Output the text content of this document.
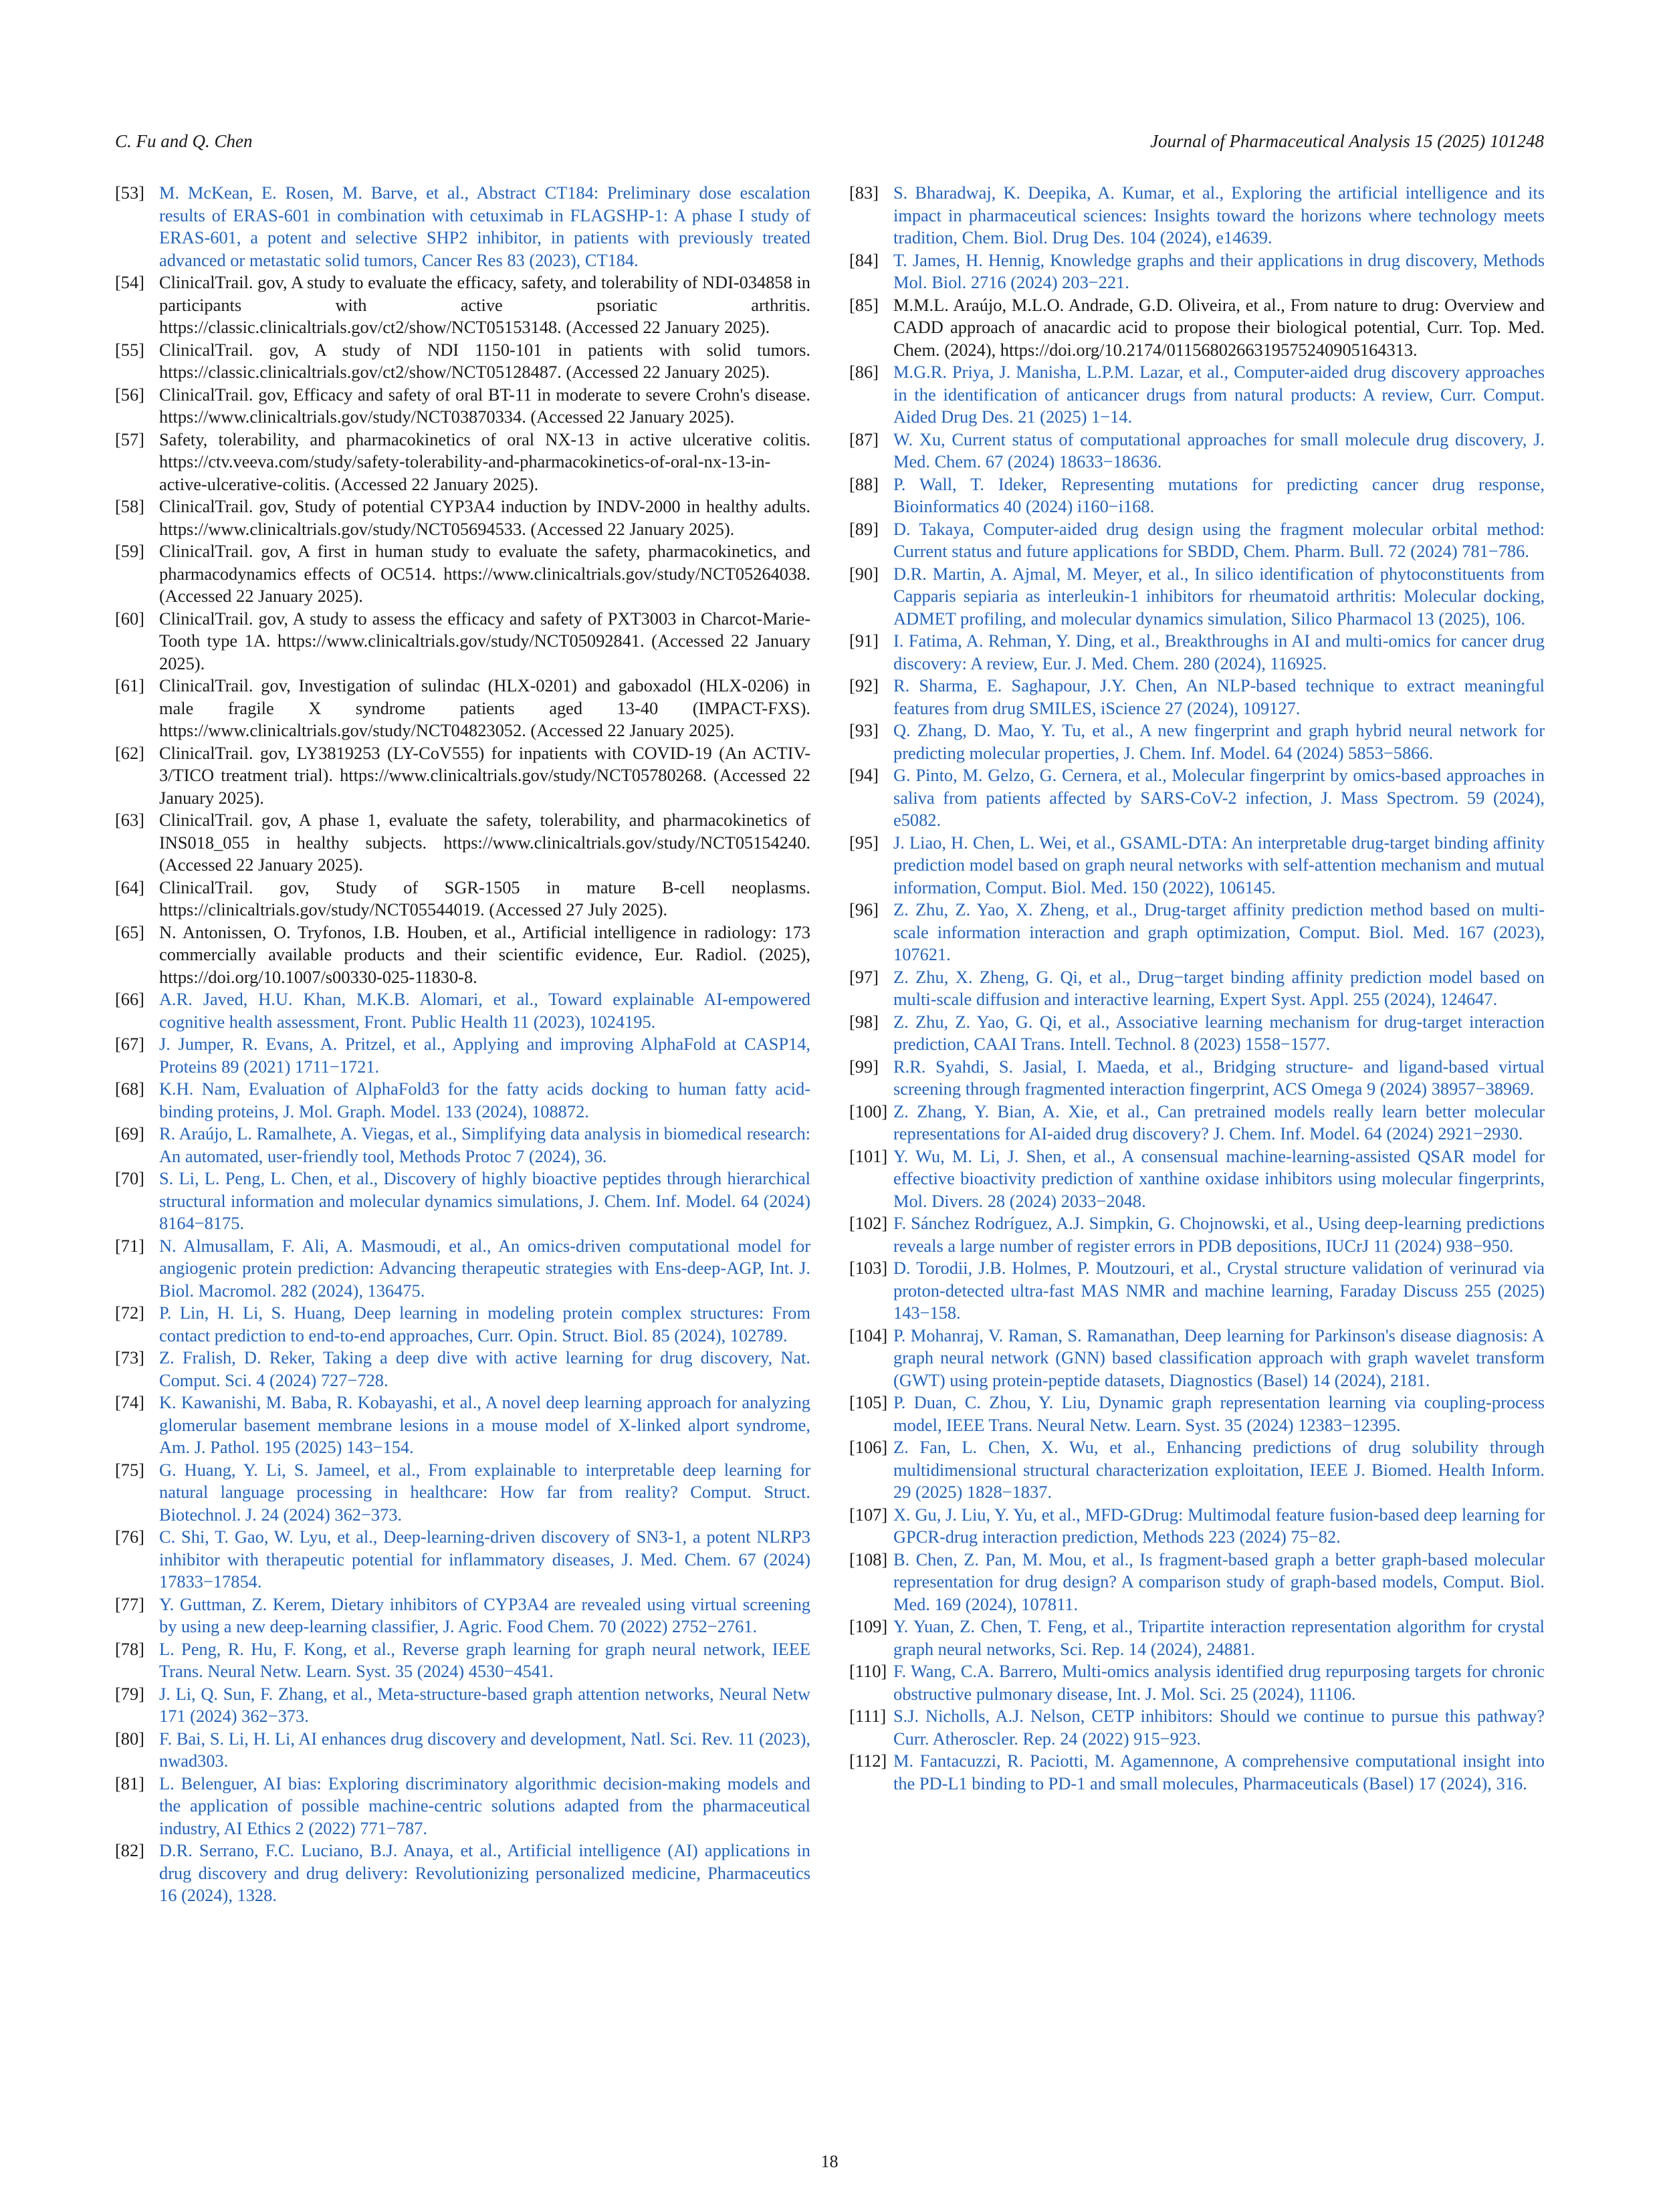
C. Fu and Q. Chen	Journal of Pharmaceutical Analysis 15 (2025) 101248
[53] M. McKean, E. Rosen, M. Barve, et al., Abstract CT184: Preliminary dose escalation results of ERAS-601 in combination with cetuximab in FLAGSHP-1: A phase I study of ERAS-601, a potent and selective SHP2 inhibitor, in patients with previously treated advanced or metastatic solid tumors, Cancer Res 83 (2023), CT184.
[54] ClinicalTrail. gov, A study to evaluate the efficacy, safety, and tolerability of NDI-034858 in participants with active psoriatic arthritis. https://classic.clinicaltrials.gov/ct2/show/NCT05153148. (Accessed 22 January 2025).
[55] ClinicalTrail. gov, A study of NDI 1150-101 in patients with solid tumors. https://classic.clinicaltrials.gov/ct2/show/NCT05128487. (Accessed 22 January 2025).
[56] ClinicalTrail. gov, Efficacy and safety of oral BT-11 in moderate to severe Crohn's disease. https://www.clinicaltrials.gov/study/NCT03870334. (Accessed 22 January 2025).
[57] Safety, tolerability, and pharmacokinetics of oral NX-13 in active ulcerative colitis. https://ctv.veeva.com/study/safety-tolerability-and-pharmacokinetics-of-oral-nx-13-in-active-ulcerative-colitis. (Accessed 22 January 2025).
[58] ClinicalTrail. gov, Study of potential CYP3A4 induction by INDV-2000 in healthy adults. https://www.clinicaltrials.gov/study/NCT05694533. (Accessed 22 January 2025).
[59] ClinicalTrail. gov, A first in human study to evaluate the safety, pharmacokinetics, and pharmacodynamics effects of OC514. https://www.clinicaltrials.gov/study/NCT05264038. (Accessed 22 January 2025).
[60] ClinicalTrail. gov, A study to assess the efficacy and safety of PXT3003 in Charcot-Marie-Tooth type 1A. https://www.clinicaltrials.gov/study/NCT05092841. (Accessed 22 January 2025).
[61] ClinicalTrail. gov, Investigation of sulindac (HLX-0201) and gaboxadol (HLX-0206) in male fragile X syndrome patients aged 13-40 (IMPACT-FXS). https://www.clinicaltrials.gov/study/NCT04823052. (Accessed 22 January 2025).
[62] ClinicalTrail. gov, LY3819253 (LY-CoV555) for inpatients with COVID-19 (An ACTIV-3/TICO treatment trial). https://www.clinicaltrials.gov/study/NCT05780268. (Accessed 22 January 2025).
[63] ClinicalTrail. gov, A phase 1, evaluate the safety, tolerability, and pharmacokinetics of INS018_055 in healthy subjects. https://www.clinicaltrials.gov/study/NCT05154240. (Accessed 22 January 2025).
[64] ClinicalTrail. gov, Study of SGR-1505 in mature B-cell neoplasms. https://clinicaltrials.gov/study/NCT05544019. (Accessed 27 July 2025).
[65] N. Antonissen, O. Tryfonos, I.B. Houben, et al., Artificial intelligence in radiology: 173 commercially available products and their scientific evidence, Eur. Radiol. (2025), https://doi.org/10.1007/s00330-025-11830-8.
[66] A.R. Javed, H.U. Khan, M.K.B. Alomari, et al., Toward explainable AI-empowered cognitive health assessment, Front. Public Health 11 (2023), 1024195.
[67] J. Jumper, R. Evans, A. Pritzel, et al., Applying and improving AlphaFold at CASP14, Proteins 89 (2021) 1711−1721.
[68] K.H. Nam, Evaluation of AlphaFold3 for the fatty acids docking to human fatty acid-binding proteins, J. Mol. Graph. Model. 133 (2024), 108872.
[69] R. Araújo, L. Ramalhete, A. Viegas, et al., Simplifying data analysis in biomedical research: An automated, user-friendly tool, Methods Protoc 7 (2024), 36.
[70] S. Li, L. Peng, L. Chen, et al., Discovery of highly bioactive peptides through hierarchical structural information and molecular dynamics simulations, J. Chem. Inf. Model. 64 (2024) 8164−8175.
[71] N. Almusallam, F. Ali, A. Masmoudi, et al., An omics-driven computational model for angiogenic protein prediction: Advancing therapeutic strategies with Ens-deep-AGP, Int. J. Biol. Macromol. 282 (2024), 136475.
[72] P. Lin, H. Li, S. Huang, Deep learning in modeling protein complex structures: From contact prediction to end-to-end approaches, Curr. Opin. Struct. Biol. 85 (2024), 102789.
[73] Z. Fralish, D. Reker, Taking a deep dive with active learning for drug discovery, Nat. Comput. Sci. 4 (2024) 727−728.
[74] K. Kawanishi, M. Baba, R. Kobayashi, et al., A novel deep learning approach for analyzing glomerular basement membrane lesions in a mouse model of X-linked alport syndrome, Am. J. Pathol. 195 (2025) 143−154.
[75] G. Huang, Y. Li, S. Jameel, et al., From explainable to interpretable deep learning for natural language processing in healthcare: How far from reality? Comput. Struct. Biotechnol. J. 24 (2024) 362−373.
[76] C. Shi, T. Gao, W. Lyu, et al., Deep-learning-driven discovery of SN3-1, a potent NLRP3 inhibitor with therapeutic potential for inflammatory diseases, J. Med. Chem. 67 (2024) 17833−17854.
[77] Y. Guttman, Z. Kerem, Dietary inhibitors of CYP3A4 are revealed using virtual screening by using a new deep-learning classifier, J. Agric. Food Chem. 70 (2022) 2752−2761.
[78] L. Peng, R. Hu, F. Kong, et al., Reverse graph learning for graph neural network, IEEE Trans. Neural Netw. Learn. Syst. 35 (2024) 4530−4541.
[79] J. Li, Q. Sun, F. Zhang, et al., Meta-structure-based graph attention networks, Neural Netw 171 (2024) 362−373.
[80] F. Bai, S. Li, H. Li, AI enhances drug discovery and development, Natl. Sci. Rev. 11 (2023), nwad303.
[81] L. Belenguer, AI bias: Exploring discriminatory algorithmic decision-making models and the application of possible machine-centric solutions adapted from the pharmaceutical industry, AI Ethics 2 (2022) 771−787.
[82] D.R. Serrano, F.C. Luciano, B.J. Anaya, et al., Artificial intelligence (AI) applications in drug discovery and drug delivery: Revolutionizing personalized medicine, Pharmaceutics 16 (2024), 1328.
[83] S. Bharadwaj, K. Deepika, A. Kumar, et al., Exploring the artificial intelligence and its impact in pharmaceutical sciences: Insights toward the horizons where technology meets tradition, Chem. Biol. Drug Des. 104 (2024), e14639.
[84] T. James, H. Hennig, Knowledge graphs and their applications in drug discovery, Methods Mol. Biol. 2716 (2024) 203−221.
[85] M.M.L. Araújo, M.L.O. Andrade, G.D. Oliveira, et al., From nature to drug: Overview and CADD approach of anacardic acid to propose their biological potential, Curr. Top. Med. Chem. (2024), https://doi.org/10.2174/0115680266319575240905164313.
[86] M.G.R. Priya, J. Manisha, L.P.M. Lazar, et al., Computer-aided drug discovery approaches in the identification of anticancer drugs from natural products: A review, Curr. Comput. Aided Drug Des. 21 (2025) 1−14.
[87] W. Xu, Current status of computational approaches for small molecule drug discovery, J. Med. Chem. 67 (2024) 18633−18636.
[88] P. Wall, T. Ideker, Representing mutations for predicting cancer drug response, Bioinformatics 40 (2024) i160−i168.
[89] D. Takaya, Computer-aided drug design using the fragment molecular orbital method: Current status and future applications for SBDD, Chem. Pharm. Bull. 72 (2024) 781−786.
[90] D.R. Martin, A. Ajmal, M. Meyer, et al., In silico identification of phytoconstituents from Capparis sepiaria as interleukin-1 inhibitors for rheumatoid arthritis: Molecular docking, ADMET profiling, and molecular dynamics simulation, Silico Pharmacol 13 (2025), 106.
[91] I. Fatima, A. Rehman, Y. Ding, et al., Breakthroughs in AI and multi-omics for cancer drug discovery: A review, Eur. J. Med. Chem. 280 (2024), 116925.
[92] R. Sharma, E. Saghapour, J.Y. Chen, An NLP-based technique to extract meaningful features from drug SMILES, iScience 27 (2024), 109127.
[93] Q. Zhang, D. Mao, Y. Tu, et al., A new fingerprint and graph hybrid neural network for predicting molecular properties, J. Chem. Inf. Model. 64 (2024) 5853−5866.
[94] G. Pinto, M. Gelzo, G. Cernera, et al., Molecular fingerprint by omics-based approaches in saliva from patients affected by SARS-CoV-2 infection, J. Mass Spectrom. 59 (2024), e5082.
[95] J. Liao, H. Chen, L. Wei, et al., GSAML-DTA: An interpretable drug-target binding affinity prediction model based on graph neural networks with self-attention mechanism and mutual information, Comput. Biol. Med. 150 (2022), 106145.
[96] Z. Zhu, Z. Yao, X. Zheng, et al., Drug-target affinity prediction method based on multi-scale information interaction and graph optimization, Comput. Biol. Med. 167 (2023), 107621.
[97] Z. Zhu, X. Zheng, G. Qi, et al., Drug−target binding affinity prediction model based on multi-scale diffusion and interactive learning, Expert Syst. Appl. 255 (2024), 124647.
[98] Z. Zhu, Z. Yao, G. Qi, et al., Associative learning mechanism for drug-target interaction prediction, CAAI Trans. Intell. Technol. 8 (2023) 1558−1577.
[99] R.R. Syahdi, S. Jasial, I. Maeda, et al., Bridging structure- and ligand-based virtual screening through fragmented interaction fingerprint, ACS Omega 9 (2024) 38957−38969.
[100] Z. Zhang, Y. Bian, A. Xie, et al., Can pretrained models really learn better molecular representations for AI-aided drug discovery? J. Chem. Inf. Model. 64 (2024) 2921−2930.
[101] Y. Wu, M. Li, J. Shen, et al., A consensual machine-learning-assisted QSAR model for effective bioactivity prediction of xanthine oxidase inhibitors using molecular fingerprints, Mol. Divers. 28 (2024) 2033−2048.
[102] F. Sánchez Rodríguez, A.J. Simpkin, G. Chojnowski, et al., Using deep-learning predictions reveals a large number of register errors in PDB depositions, IUCrJ 11 (2024) 938−950.
[103] D. Torodii, J.B. Holmes, P. Moutzouri, et al., Crystal structure validation of verinurad via proton-detected ultra-fast MAS NMR and machine learning, Faraday Discuss 255 (2025) 143−158.
[104] P. Mohanraj, V. Raman, S. Ramanathan, Deep learning for Parkinson's disease diagnosis: A graph neural network (GNN) based classification approach with graph wavelet transform (GWT) using protein-peptide datasets, Diagnostics (Basel) 14 (2024), 2181.
[105] P. Duan, C. Zhou, Y. Liu, Dynamic graph representation learning via coupling-process model, IEEE Trans. Neural Netw. Learn. Syst. 35 (2024) 12383−12395.
[106] Z. Fan, L. Chen, X. Wu, et al., Enhancing predictions of drug solubility through multidimensional structural characterization exploitation, IEEE J. Biomed. Health Inform. 29 (2025) 1828−1837.
[107] X. Gu, J. Liu, Y. Yu, et al., MFD-GDrug: Multimodal feature fusion-based deep learning for GPCR-drug interaction prediction, Methods 223 (2024) 75−82.
[108] B. Chen, Z. Pan, M. Mou, et al., Is fragment-based graph a better graph-based molecular representation for drug design? A comparison study of graph-based models, Comput. Biol. Med. 169 (2024), 107811.
[109] Y. Yuan, Z. Chen, T. Feng, et al., Tripartite interaction representation algorithm for crystal graph neural networks, Sci. Rep. 14 (2024), 24881.
[110] F. Wang, C.A. Barrero, Multi-omics analysis identified drug repurposing targets for chronic obstructive pulmonary disease, Int. J. Mol. Sci. 25 (2024), 11106.
[111] S.J. Nicholls, A.J. Nelson, CETP inhibitors: Should we continue to pursue this pathway? Curr. Atheroscler. Rep. 24 (2022) 915−923.
[112] M. Fantacuzzi, R. Paciotti, M. Agamennone, A comprehensive computational insight into the PD-L1 binding to PD-1 and small molecules, Pharmaceuticals (Basel) 17 (2024), 316.
18
